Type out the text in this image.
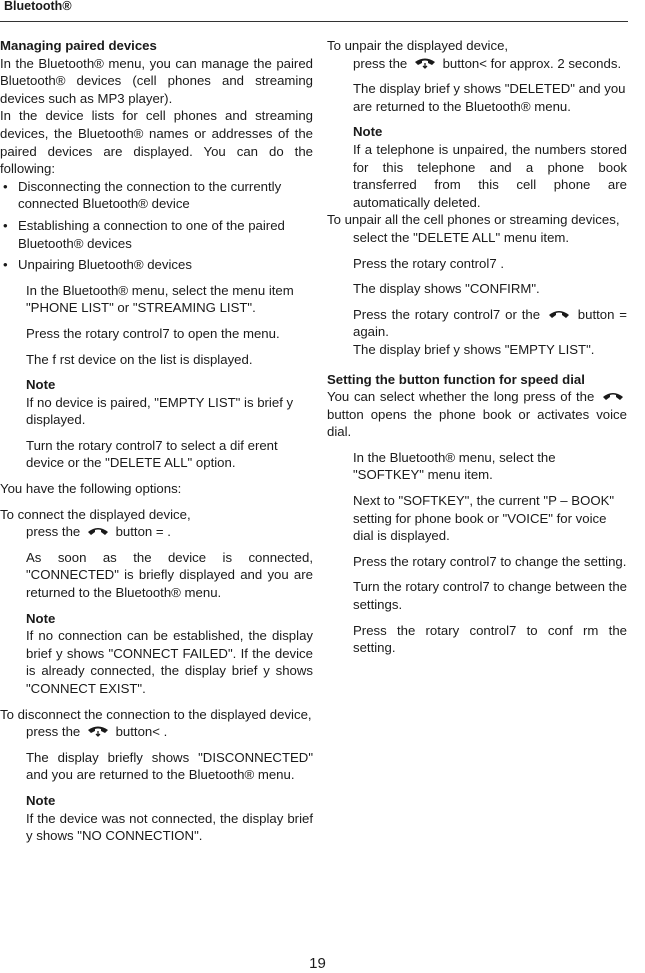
Bluetooth®

Managing paired devices

In the Bluetooth® menu, you can manage the paired Bluetooth® devices (cell phones and streaming devices such as MP3 player).

In the device lists for cell phones and streaming devices, the Bluetooth® names or addresses of the paired devices are displayed. You can do the following:

• Disconnecting the connection to the currently connected Bluetooth® device
• Establishing a connection to one of the paired Bluetooth® devices
• Unpairing Bluetooth® devices

In the Bluetooth® menu, select the menu item "PHONE LIST" or "STREAMING LIST".

Press the rotary control7 to open the menu.

The f rst device on the list is displayed.

Note

If no device is paired, "EMPTY LIST" is brief y displayed.

Turn the rotary control7 to select a dif erent device or the "DELETE ALL" option.

You have the following options:

To connect the displayed device,

press the	button = .

As soon as the device is connected, "CONNECTED" is briefly displayed and you are returned to the Bluetooth® menu.

Note

If no connection can be established, the display brief y shows "CONNECT FAILED". If the device is already connected, the display brief y shows "CONNECT EXIST".

To disconnect the connection to the displayed device,

press the	button< .

The display briefly shows "DISCONNECTED" and you are returned to the Bluetooth® menu.

Note

If the device was not connected, the display brief y shows "NO CONNECTION".

To unpair the displayed device,

press the	button< for approx. 2 seconds.

The display brief y shows "DELETED" and you are returned to the Bluetooth® menu.

Note

If a telephone is unpaired, the numbers stored for this telephone and a phone book transferred from this cell phone are automatically deleted.

To unpair all the cell phones or streaming devices,

select the "DELETE ALL" menu item.

Press the rotary control7 .

The display shows "CONFIRM".

Press the rotary control7 or the	button = again.

The display brief y shows "EMPTY LIST".

Setting the button function for speed dial

You can select whether the long press of the  button opens the phone book or activates voice dial.

In the Bluetooth® menu, select the "SOFTKEY" menu item.

Next to "SOFTKEY", the current "P – BOOK" setting for phone book or "VOICE" for voice dial is displayed.

Press the rotary control7 to change the setting.

Turn the rotary control7 to change between the settings.

Press the rotary control7 to conf rm the setting.

19
